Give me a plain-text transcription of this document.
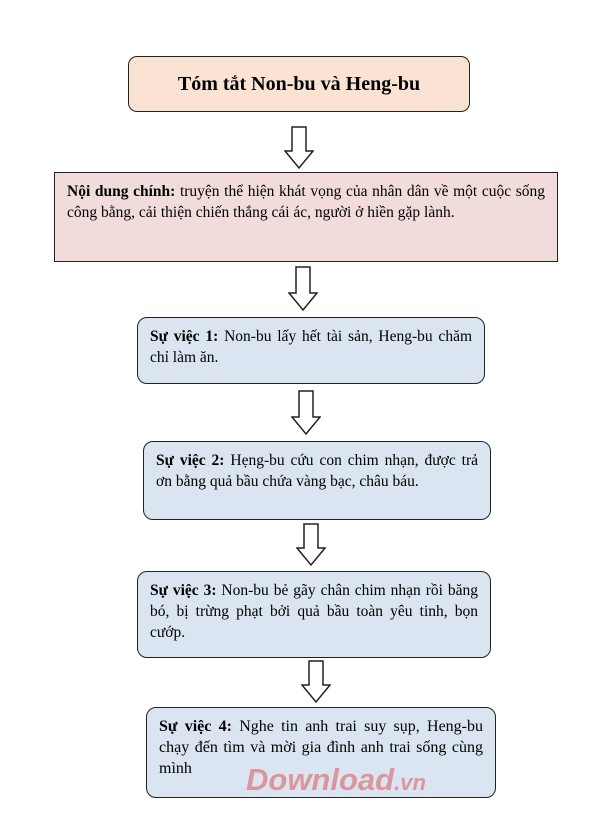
Tóm tắt Non-bu và Heng-bu
Nội dung chính: truyện thể hiện khát vọng của nhân dân về một cuộc sống công bằng, cải thiện chiến thắng cái ác, người ở hiền gặp lành.
Sự việc 1: Non-bu lấy hết tài sản, Heng-bu chăm chỉ làm ăn.
Sự việc 2: Hẹng-bu cứu con chim nhạn, được trả ơn bằng quả bầu chứa vàng bạc, châu báu.
Sự việc 3: Non-bu bẻ gãy chân chim nhạn rồi băng bó, bị trừng phạt bởi quả bầu toàn yêu tinh, bọn cướp.
Sự việc 4: Nghe tin anh trai suy sụp, Heng-bu chạy đến tìm và mời gia đình anh trai sống cùng mình	Download.vn
